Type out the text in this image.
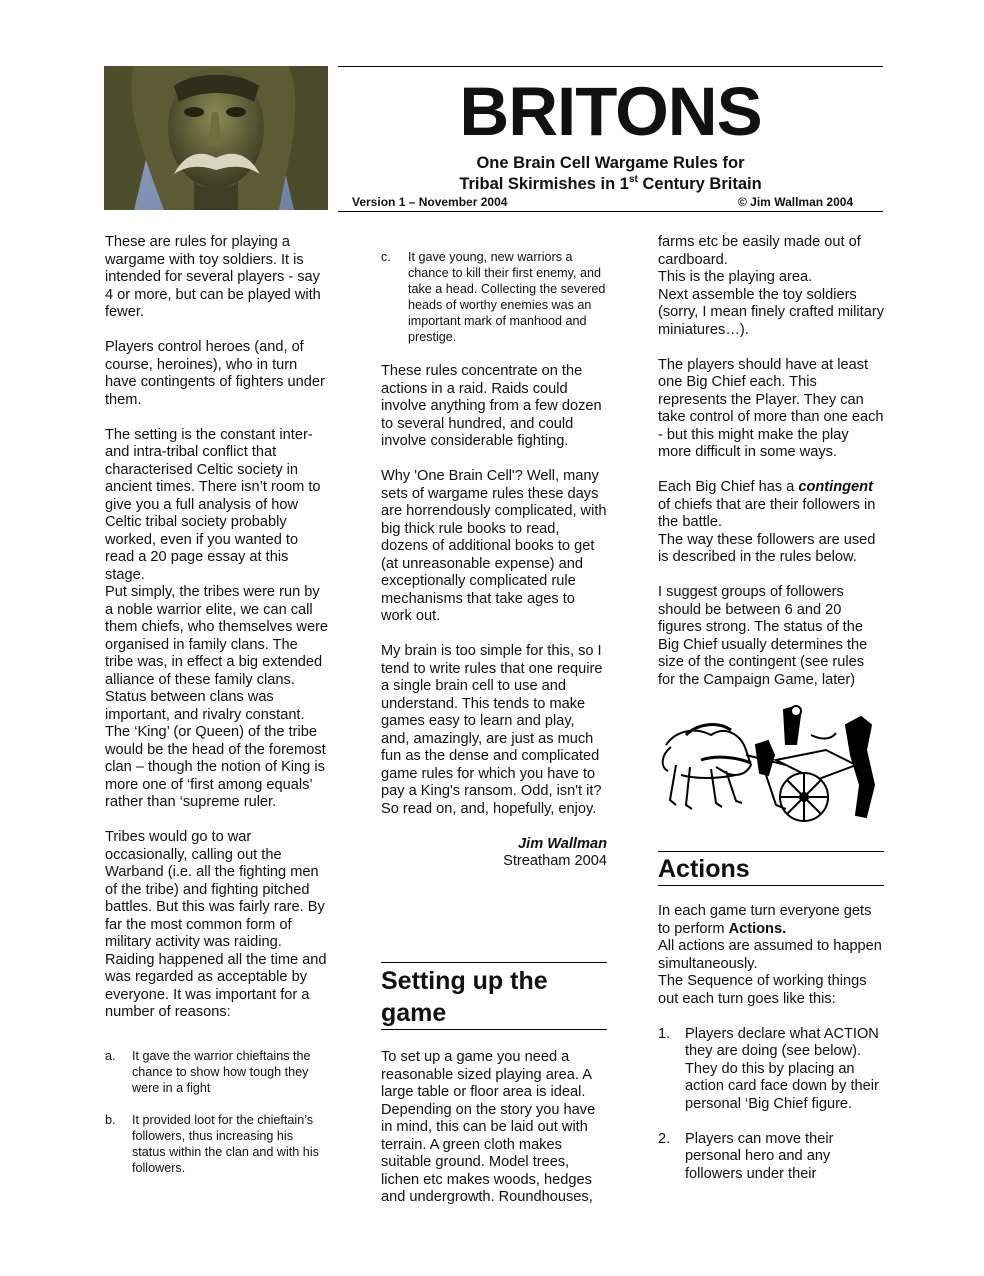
BRITONS
One Brain Cell Wargame Rules for
Tribal Skirmishes in 1st Century Britain
Version 1 – November 2004	© Jim Wallman 2004

These are rules for playing a wargame with toy soldiers. It is intended for several players - say 4 or more, but can be played with fewer.

Players control heroes (and, of course, heroines), who in turn have contingents of fighters under them.

The setting is the constant inter- and intra-tribal conflict that characterised Celtic society in ancient times. There isn’t room to give you a full analysis of how Celtic tribal society probably worked, even if you wanted to read a 20 page essay at this stage.

Put simply, the tribes were run by a noble warrior elite, we can call them chiefs, who themselves were organised in family clans. The tribe was, in effect a big extended alliance of these family clans. Status between clans was important, and rivalry constant. The ‘King’ (or Queen) of the tribe would be the head of the foremost clan – though the notion of King is more one of ‘first among equals’ rather than ‘supreme ruler.

Tribes would go to war occasionally, calling out the Warband (i.e. all the fighting men of the tribe) and fighting pitched battles. But this was fairly rare. By far the most common form of military activity was raiding.

Raiding happened all the time and was regarded as acceptable by everyone. It was important for a number of reasons:

a. It gave the warrior chieftains the chance to show how tough they were in a fight
b. It provided loot for the chieftain’s followers, thus increasing his status within the clan and with his followers.
c. It gave young, new warriors a chance to kill their first enemy, and take a head. Collecting the severed heads of worthy enemies was an important mark of manhood and prestige.

These rules concentrate on the actions in a raid. Raids could involve anything from a few dozen to several hundred, and could involve considerable fighting.

Why 'One Brain Cell'? Well, many sets of wargame rules these days are horrendously complicated, with big thick rule books to read, dozens of additional books to get (at unreasonable expense) and exceptionally complicated rule mechanisms that take ages to work out.

My brain is too simple for this, so I tend to write rules that one require a single brain cell to use and understand. This tends to make games easy to learn and play, and, amazingly, are just as much fun as the dense and complicated game rules for which you have to pay a King's ransom. Odd, isn't it?

So read on, and, hopefully, enjoy.

Jim Wallman
Streatham 2004
Setting up the game

To set up a game you need a reasonable sized playing area. A large table or floor area is ideal. Depending on the story you have in mind, this can be laid out with terrain. A green cloth makes suitable ground. Model trees, lichen etc makes woods, hedges and undergrowth. Roundhouses,

farms etc be easily made out of cardboard.
This is the playing area.
Next assemble the toy soldiers (sorry, I mean finely crafted military miniatures…).

The players should have at least one Big Chief each. This represents the Player. They can take control of more than one each - but this might make the play more difficult in some ways.

Each Big Chief has a contingent of chiefs that are their followers in the battle.
The way these followers are used is described in the rules below.

I suggest groups of followers should be between 6 and 20 figures strong. The status of the Big Chief usually determines the size of the contingent (see rules for the Campaign Game, later)

Actions

In each game turn everyone gets to perform Actions.
All actions are assumed to happen simultaneously.
The Sequence of working things out each turn goes like this:

1. Players declare what ACTION they are doing (see below). They do this by placing an action card face down by their personal ‘Big Chief figure.
2. Players can move their personal hero and any followers under their
